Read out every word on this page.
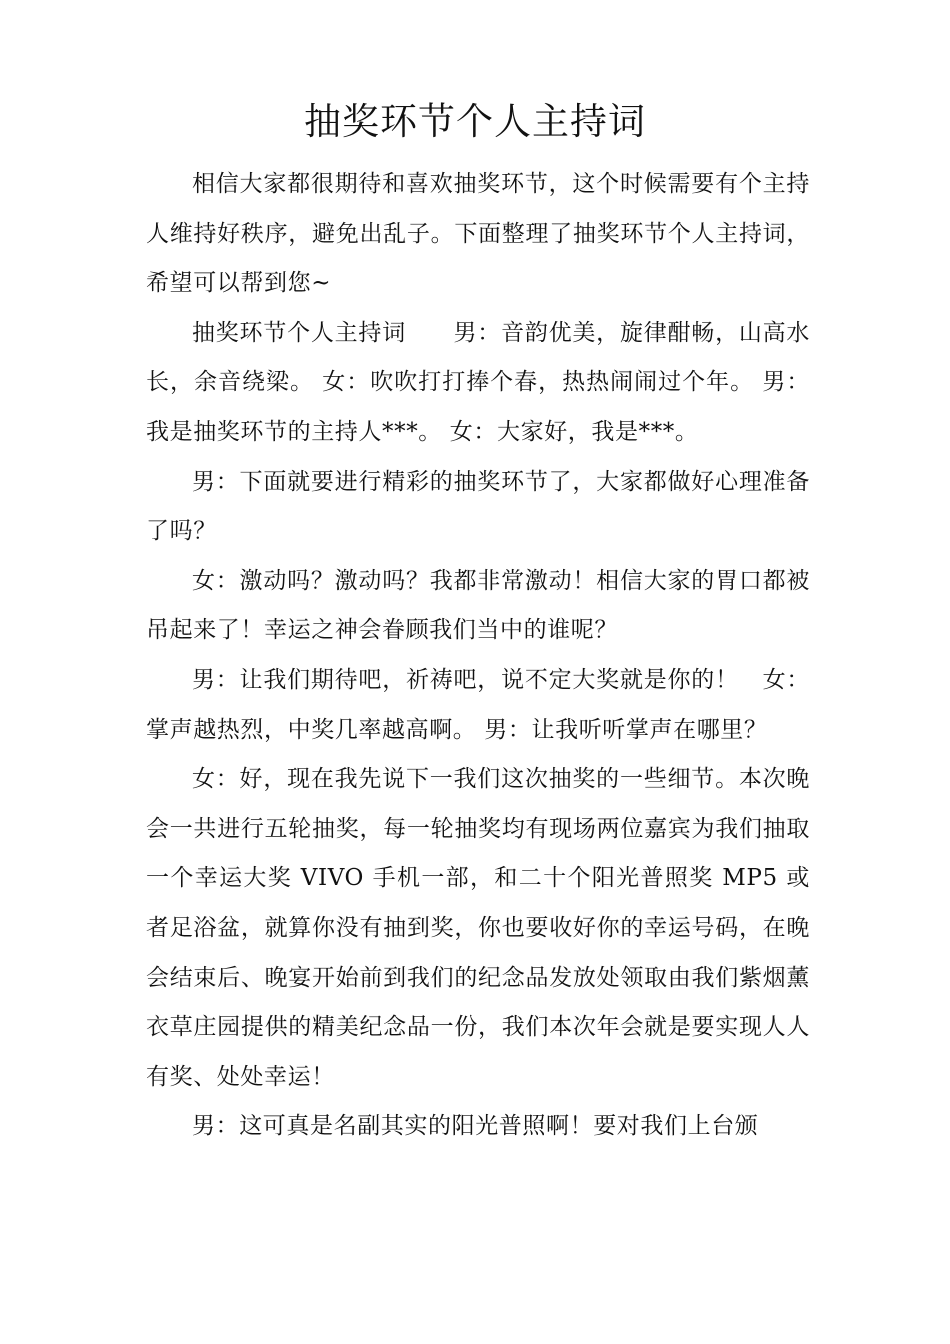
抽奖环节个人主持词

相信大家都很期待和喜欢抽奖环节，这个时候需要有个主持人维持好秩序，避免出乱子。下面整理了抽奖环节个人主持词，希望可以帮到您~

抽奖环节个人主持词　　男：音韵优美，旋律酣畅，山高水长，余音绕梁。 女：吹吹打打捧个春，热热闹闹过个年。 男：我是抽奖环节的主持人***。 女：大家好，我是***。

男：下面就要进行精彩的抽奖环节了，大家都做好心理准备了吗？

女：激动吗？激动吗？我都非常激动！相信大家的胃口都被吊起来了！幸运之神会眷顾我们当中的谁呢？

男：让我们期待吧，祈祷吧，说不定大奖就是你的！　女：掌声越热烈，中奖几率越高啊。 男：让我听听掌声在哪里？

女：好，现在我先说下一我们这次抽奖的一些细节。本次晚会一共进行五轮抽奖，每一轮抽奖均有现场两位嘉宾为我们抽取一个幸运大奖 VIVO 手机一部，和二十个阳光普照奖 MP5 或者足浴盆，就算你没有抽到奖，你也要收好你的幸运号码，在晚会结束后、晚宴开始前到我们的纪念品发放处领取由我们紫烟薰衣草庄园提供的精美纪念品一份，我们本次年会就是要实现人人有奖、处处幸运！

男：这可真是名副其实的阳光普照啊！要对我们上台颁
